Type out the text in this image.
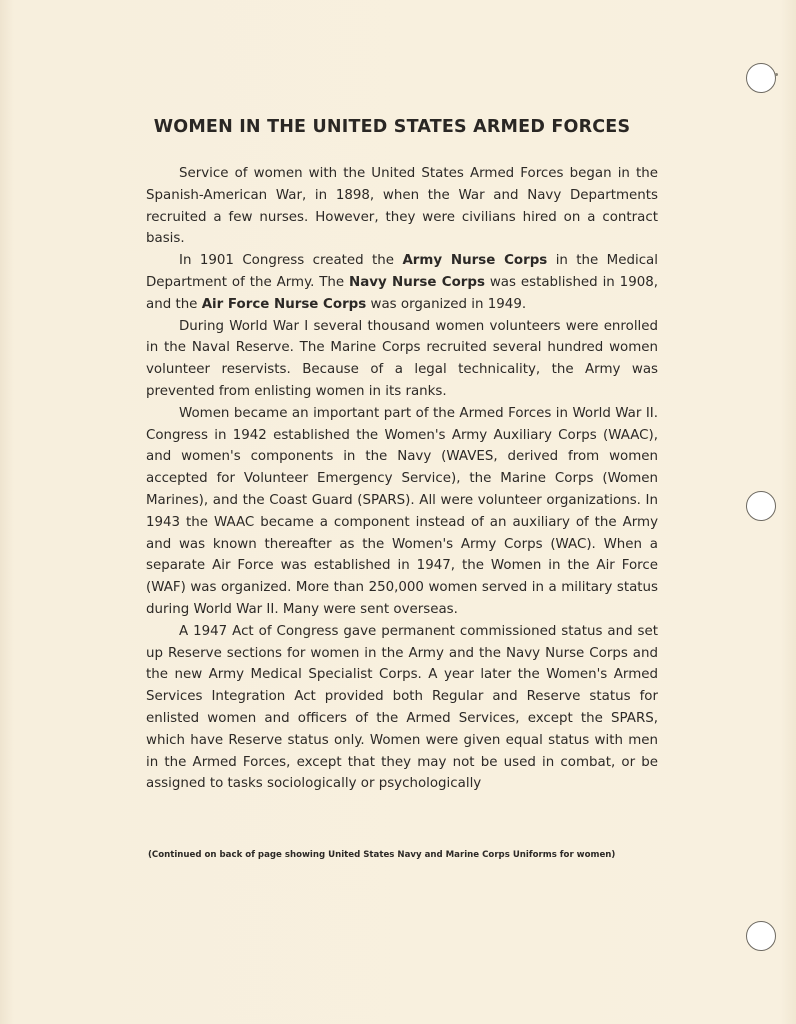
WOMEN IN THE UNITED STATES ARMED FORCES

Service of women with the United States Armed Forces began in the Spanish-American War, in 1898, when the War and Navy Departments recruited a few nurses. However, they were civilians hired on a contract basis.

In 1901 Congress created the Army Nurse Corps in the Medical Department of the Army. The Navy Nurse Corps was established in 1908, and the Air Force Nurse Corps was organized in 1949.

During World War I several thousand women volunteers were enrolled in the Naval Reserve. The Marine Corps recruited several hundred women volunteer reservists. Because of a legal technicality, the Army was prevented from enlisting women in its ranks.

Women became an important part of the Armed Forces in World War II. Congress in 1942 established the Women's Army Auxiliary Corps (WAAC), and women's components in the Navy (WAVES, derived from women accepted for Volunteer Emergency Service), the Marine Corps (Women Marines), and the Coast Guard (SPARS). All were volunteer organizations. In 1943 the WAAC became a component instead of an auxiliary of the Army and was known thereafter as the Women's Army Corps (WAC). When a separate Air Force was established in 1947, the Women in the Air Force (WAF) was organized. More than 250,000 women served in a military status during World War II. Many were sent overseas.

A 1947 Act of Congress gave permanent commissioned status and set up Reserve sections for women in the Army and the Navy Nurse Corps and the new Army Medical Specialist Corps. A year later the Women's Armed Services Integration Act provided both Regular and Reserve status for enlisted women and officers of the Armed Services, except the SPARS, which have Reserve status only. Women were given equal status with men in the Armed Forces, except that they may not be used in combat, or be assigned to tasks sociologically or psychologically

(Continued on back of page showing United States Navy and Marine Corps Uniforms for women)
